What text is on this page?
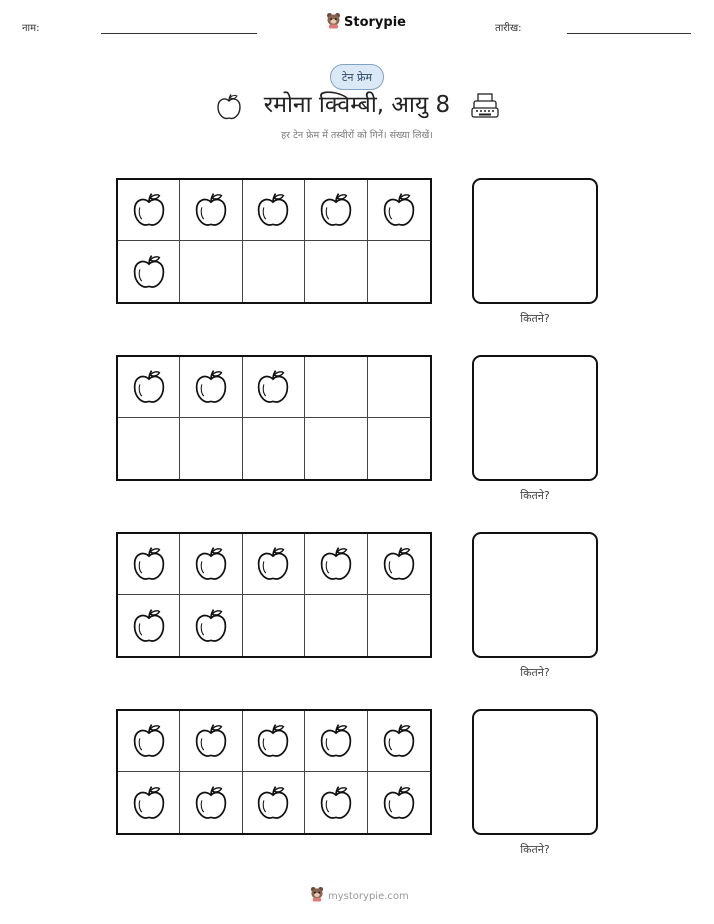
नाम:	Storypie	तारीख:
टेन फ्रेम
रमोना क्विम्बी, आयु 8
हर टेन फ्रेम में तस्वीरों को गिनें। संख्या लिखें।
कितने?
कितने?
कितने?
कितने?
mystorypie.com
